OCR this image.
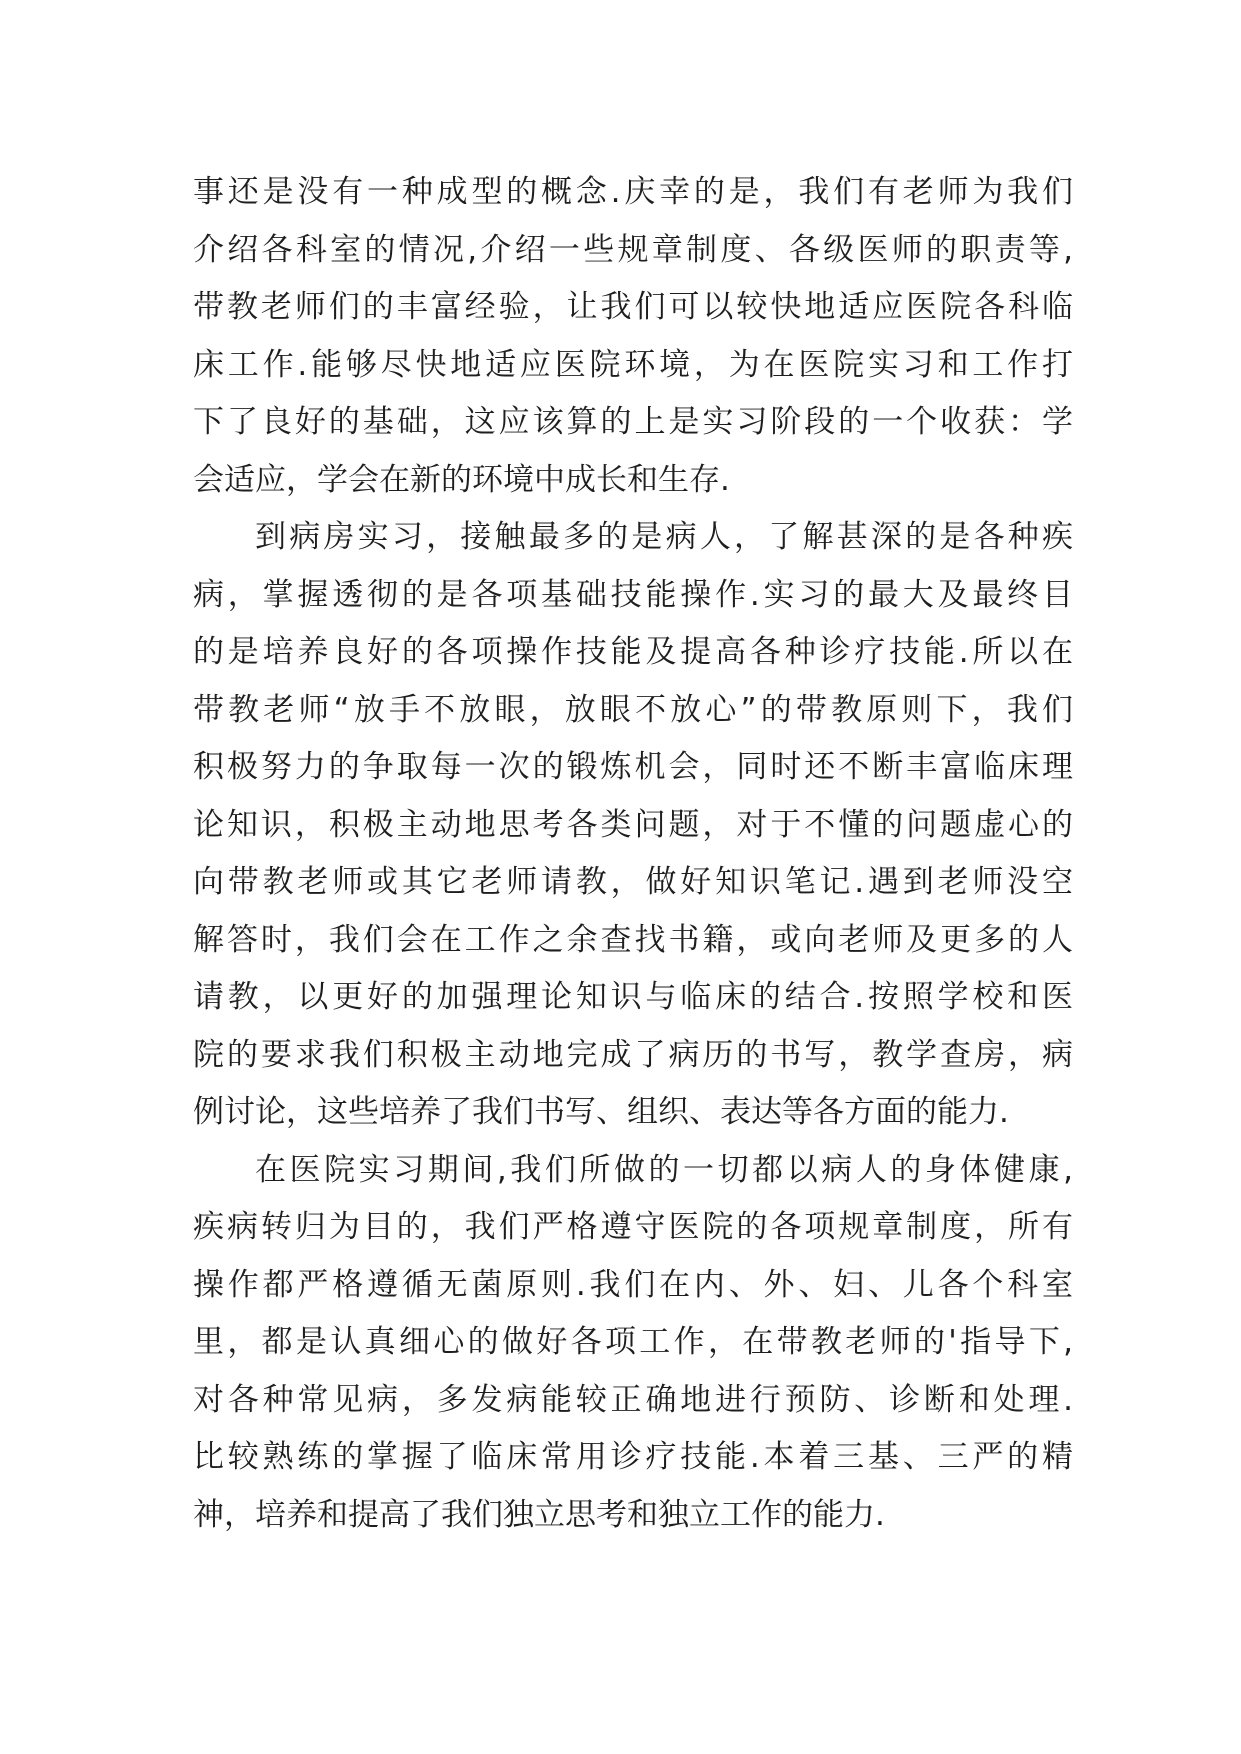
事还是没有一种成型的概念.庆幸的是，我们有老师为我们
介绍各科室的情况,介绍一些规章制度、各级医师的职责等,
带教老师们的丰富经验，让我们可以较快地适应医院各科临
床工作.能够尽快地适应医院环境，为在医院实习和工作打
下了良好的基础，这应该算的上是实习阶段的一个收获：学
会适应，学会在新的环境中成长和生存.
到病房实习，接触最多的是病人，了解甚深的是各种疾
病，掌握透彻的是各项基础技能操作.实习的最大及最终目
的是培养良好的各项操作技能及提高各种诊疗技能.所以在
带教老师“放手不放眼，放眼不放心”的带教原则下，我们
积极努力的争取每一次的锻炼机会，同时还不断丰富临床理
论知识，积极主动地思考各类问题，对于不懂的问题虚心的
向带教老师或其它老师请教，做好知识笔记.遇到老师没空
解答时，我们会在工作之余查找书籍，或向老师及更多的人
请教，以更好的加强理论知识与临床的结合.按照学校和医
院的要求我们积极主动地完成了病历的书写，教学查房，病
例讨论，这些培养了我们书写、组织、表达等各方面的能力.
在医院实习期间,我们所做的一切都以病人的身体健康,
疾病转归为目的，我们严格遵守医院的各项规章制度，所有
操作都严格遵循无菌原则.我们在内、外、妇、儿各个科室
里，都是认真细心的做好各项工作，在带教老师的'指导下,
对各种常见病，多发病能较正确地进行预防、诊断和处理.
比较熟练的掌握了临床常用诊疗技能.本着三基、三严的精
神，培养和提高了我们独立思考和独立工作的能力.
